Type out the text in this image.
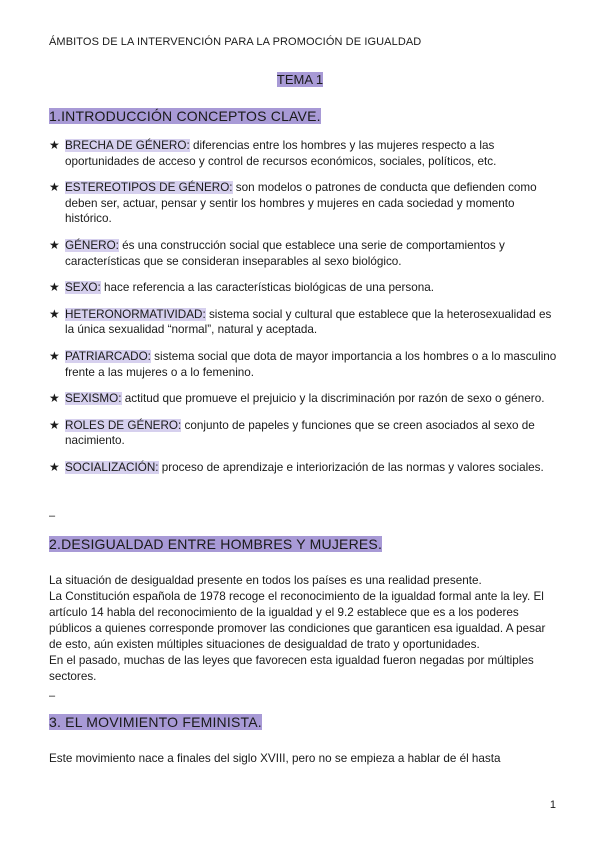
ÁMBITOS DE LA INTERVENCIÓN PARA LA PROMOCIÓN DE IGUALDAD
TEMA 1
1.INTRODUCCIÓN CONCEPTOS CLAVE.
★ BRECHA DE GÉNERO: diferencias entre los hombres y las mujeres respecto a las oportunidades de acceso y control de recursos económicos, sociales, políticos, etc.
★ ESTEREOTIPOS DE GÉNERO: son modelos o patrones de conducta que defienden como deben ser, actuar, pensar y sentir los hombres y mujeres en cada sociedad y momento histórico.
★ GÉNERO: és una construcción social que establece una serie de comportamientos y características que se consideran inseparables al sexo biológico.
★ SEXO: hace referencia a las características biológicas de una persona.
★ HETERONORMATIVIDAD: sistema social y cultural que establece que la heterosexualidad es la única sexualidad “normal”, natural y aceptada.
★ PATRIARCADO: sistema social que dota de mayor importancia a los hombres o a lo masculino frente a las mujeres o a lo femenino.
★ SEXISMO: actitud que promueve el prejuicio y la discriminación por razón de sexo o género.
★ ROLES DE GÉNERO: conjunto de papeles y funciones que se creen asociados al sexo de nacimiento.
★ SOCIALIZACIÓN: proceso de aprendizaje e interiorización de las normas y valores sociales.
–
2.DESIGUALDAD ENTRE HOMBRES Y MUJERES.

La situación de desigualdad presente en todos los países es una realidad presente.

La Constitución española de 1978 recoge el reconocimiento de la igualdad formal ante la ley. El artículo 14 habla del reconocimiento de la igualdad y el 9.2 establece que es a los poderes públicos a quienes corresponde promover las condiciones que garanticen esa igualdad. A pesar de esto, aún existen múltiples situaciones de desigualdad de trato y oportunidades.

En el pasado, muchas de las leyes que favorecen esta igualdad fueron negadas por múltiples sectores.

–
3. EL MOVIMIENTO FEMINISTA.

Este movimiento nace a finales del siglo XVIII, pero no se empieza a hablar de él hasta

1
